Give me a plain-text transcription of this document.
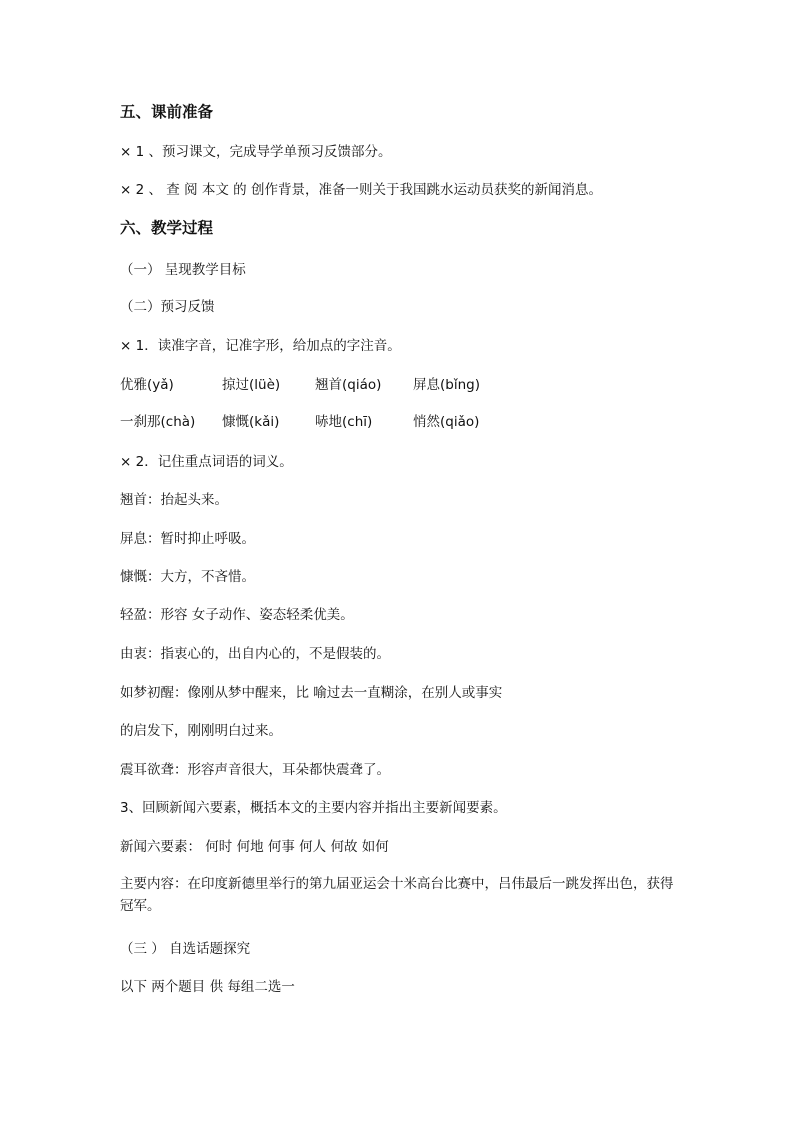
五、课前准备
× 1 、预习课文，完成导学单预习反馈部分。
× 2 、 查 阅 本文 的 创作背景，准备一则关于我国跳水运动员获奖的新闻消息。
六、教学过程
（一） 呈现教学目标
（二）预习反馈
× 1．读准字音，记准字形，给加点的字注音。
优雅(yǎ)	掠过(lüè)	翘首(qiáo) 屏息(bǐng)
一刹那(chà) 慷慨(kǎi)	哧地(chī)	悄然(qiǎo)
× 2．记住重点词语的词义。
翘首：抬起头来。
屏息：暂时抑止呼吸。
慷慨：大方，不吝惜。
轻盈：形容 女子动作、姿态轻柔优美。
由衷：指衷心的，出自内心的，不是假装的。
如梦初醒：像刚从梦中醒来，比 喻过去一直糊涂，在别人或事实
的启发下，刚刚明白过来。
震耳欲聋：形容声音很大，耳朵都快震聋了。
3、回顾新闻六要素，概括本文的主要内容并指出主要新闻要素。
新闻六要素： 何时 何地 何事 何人 何故 如何
主要内容：在印度新德里举行的第九届亚运会十米高台比赛中，吕伟最后一跳发挥出色，获得冠军。
（三 ） 自选话题探究
以下 两个题目 供 每组二选一
